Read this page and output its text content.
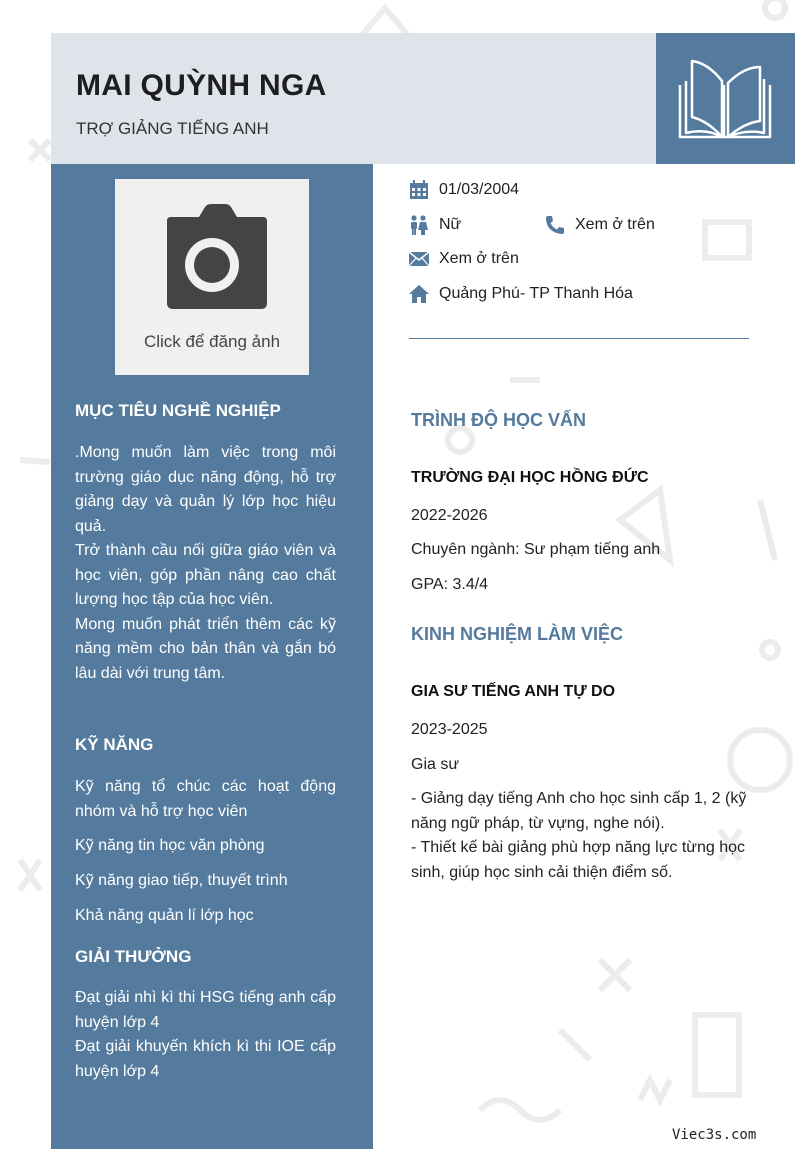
MAI QUỲNH NGA
TRỢ GIẢNG TIẾNG ANH
Click để đăng ảnh
MỤC TIÊU NGHỀ NGHIỆP

.Mong muốn làm việc trong môi trường giáo dục năng động, hỗ trợ giảng dạy và quản lý lớp học hiệu quả.

Trở thành cầu nối giữa giáo viên và học viên, góp phần nâng cao chất lượng học tập của học viên.

Mong muốn phát triển thêm các kỹ năng mềm cho bản thân và gắn bó lâu dài với trung tâm.

KỸ NĂNG
Kỹ năng tổ chúc các hoạt động nhóm và hỗ trợ học viên
Kỹ năng tin học văn phòng
Kỹ năng giao tiếp, thuyết trình
Khả năng quản lí lớp học
GIẢI THƯỞNG
Đạt giải nhì kì thi HSG tiếng anh cấp huyện lớp 4
Đạt giải khuyến khích kì thi IOE cấp huyện lớp 4
01/03/2004
Nữ	Xem ở trên
Xem ở trên
Quảng Phú- TP Thanh Hóa
TRÌNH ĐỘ HỌC VẤN
TRƯỜNG ĐẠI HỌC HỒNG ĐỨC
2022-2026
Chuyên ngành: Sư phạm tiếng anh
GPA: 3.4/4
KINH NGHIỆM LÀM VIỆC
GIA SƯ TIẾNG ANH TỰ DO
2023-2025
Gia sư

- Giảng dạy tiếng Anh cho học sinh cấp 1, 2 (kỹ năng ngữ pháp, từ vựng, nghe nói).

- Thiết kế bài giảng phù hợp năng lực từng học sinh, giúp học sinh cải thiện điểm số.

Viec3s.com
